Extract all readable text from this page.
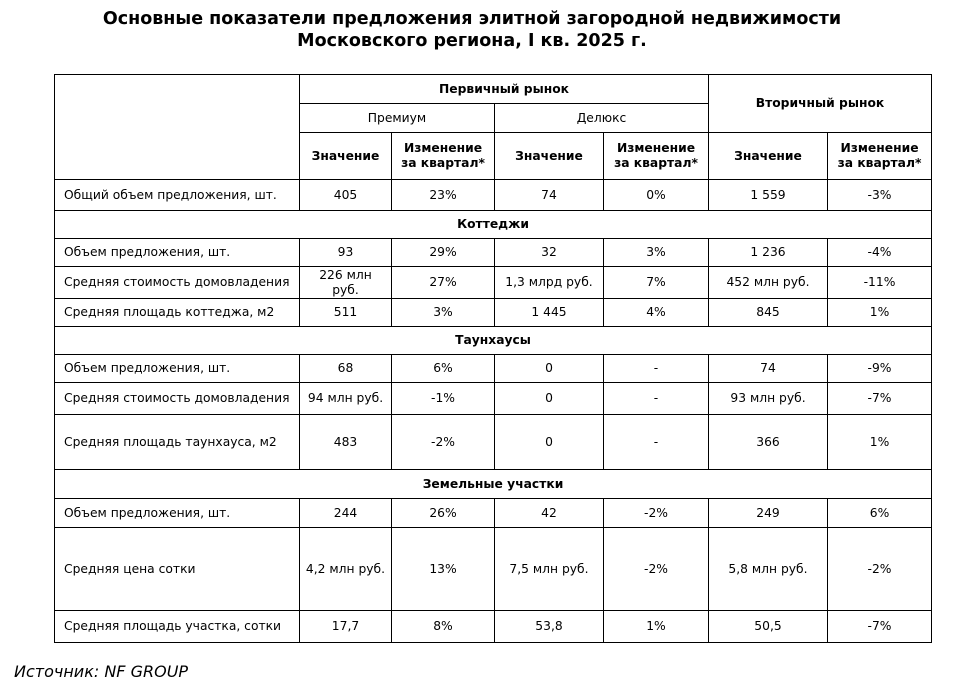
Основные показатели предложения элитной загородной недвижимости
Московского региона, I кв. 2025 г.
	Первичный рынок				Вторичный рынок	
	Премиум		Делюкс			
	Значение	Изменение за квартал*	Значение	Изменение за квартал*	Значение	Изменение за квартал*
Общий объем предложения, шт.	405	23%	74	0%	1 559	-3%
Коттеджи						
Объем предложения, шт.	93	29%	32	3%	1 236	-4%
Средняя стоимость домовладения	226 млн руб.	27%	1,3 млрд руб.	7%	452 млн руб.	-11%
Средняя площадь коттеджа, м2	511	3%	1 445	4%	845	1%
Таунхаусы						
Объем предложения, шт.	68	6%	0	-	74	-9%
Средняя стоимость домовладения	94 млн руб.	-1%	0	-	93 млн руб.	-7%
Средняя площадь таунхауса, м2	483	-2%	0	-	366	1%
Земельные участки						
Объем предложения, шт.	244	26%	42	-2%	249	6%
Средняя цена сотки	4,2 млн руб.	13%	7,5 млн руб.	-2%	5,8 млн руб.	-2%
Средняя площадь участка, сотки	17,7	8%	53,8	1%	50,5	-7%
Источник: NF GROUP
